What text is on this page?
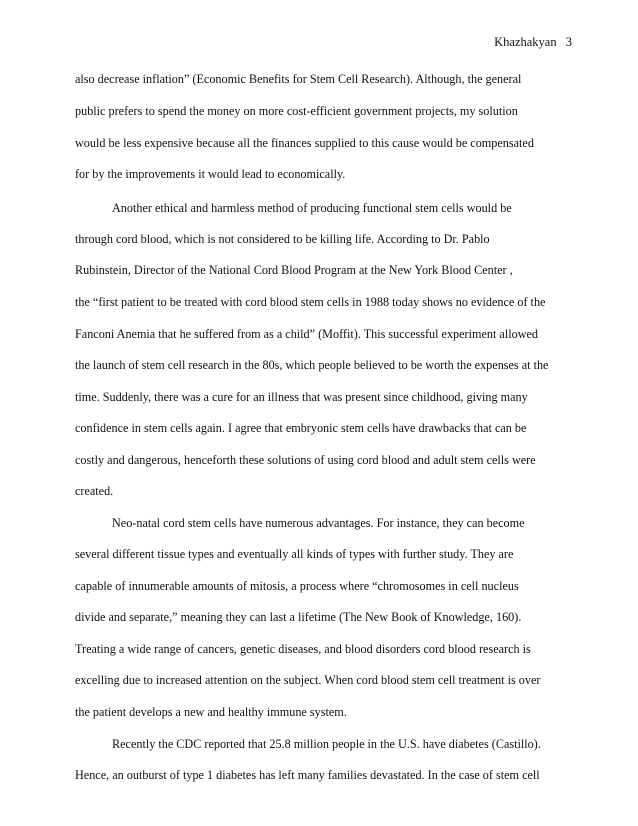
Khazhakyan 3
also decrease inflation” (Economic Benefits for Stem Cell Research). Although, the general
public prefers to spend the money on more cost-efficient government projects, my solution
would be less expensive because all the finances supplied to this cause would be compensated
for by the improvements it would lead to economically.
Another ethical and harmless method of producing functional stem cells would be
through cord blood, which is not considered to be killing life. According to Dr. Pablo
Rubinstein, Director of the National Cord Blood Program at the New York Blood Center ,
the “first patient to be treated with cord blood stem cells in 1988 today shows no evidence of the
Fanconi Anemia that he suffered from as a child” (Moffit). This successful experiment allowed
the launch of stem cell research in the 80s, which people believed to be worth the expenses at the
time. Suddenly, there was a cure for an illness that was present since childhood, giving many
confidence in stem cells again. I agree that embryonic stem cells have drawbacks that can be
costly and dangerous, henceforth these solutions of using cord blood and adult stem cells were
created.
Neo-natal cord stem cells have numerous advantages. For instance, they can become
several different tissue types and eventually all kinds of types with further study. They are
capable of innumerable amounts of mitosis, a process where “chromosomes in cell nucleus
divide and separate,” meaning they can last a lifetime (The New Book of Knowledge, 160).
Treating a wide range of cancers, genetic diseases, and blood disorders cord blood research is
excelling due to increased attention on the subject. When cord blood stem cell treatment is over
the patient develops a new and healthy immune system.
Recently the CDC reported that 25.8 million people in the U.S. have diabetes (Castillo).
Hence, an outburst of type 1 diabetes has left many families devastated. In the case of stem cell
